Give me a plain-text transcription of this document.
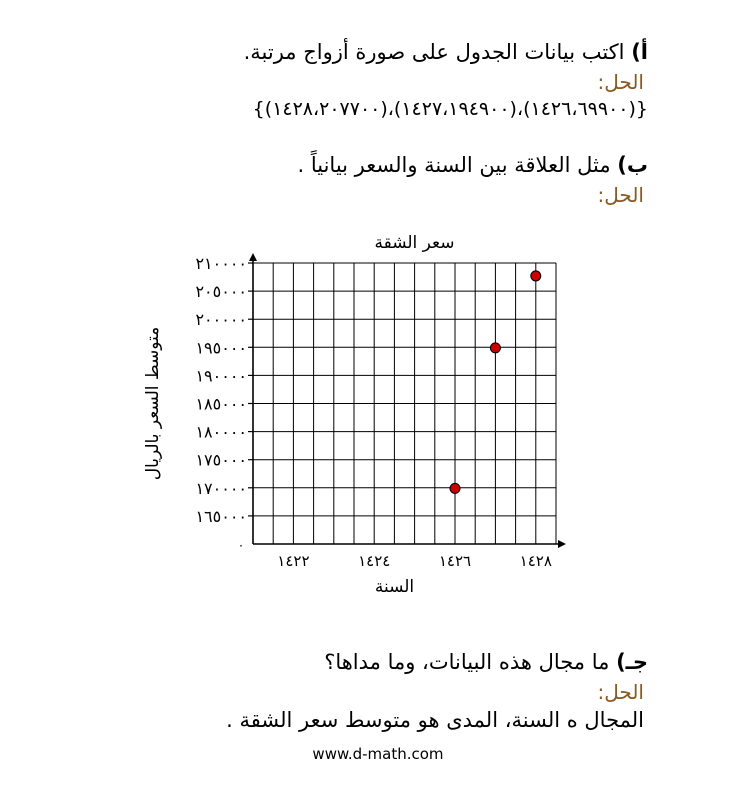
أ) اكتب بيانات الجدول على صورة أزواج مرتبة.
الحل:
{(١٤٢٦،٦٩٩٠٠)،(١٤٢٧،١٩٤٩٠٠)،(١٤٢٨،٢٠٧٧٠٠)}
ب) مثل العلاقة بين السنة والسعر بيانياً .
الحل:
١٦٥٠٠٠
١٧٠٠٠٠
١٧٥٠٠٠
١٨٠٠٠٠
١٨٥٠٠٠
١٩٠٠٠٠
١٩٥٠٠٠
٢٠٠٠٠٠
٢٠٥٠٠٠
٢١٠٠٠٠
٠
١٤٢٢	١٤٢٤	١٤٢٦	١٤٢٨
سعر الشقة
السنة
متوسط السعر بالريال
جـ) ما مجال هذه البيانات، وما مداها؟
الحل:
المجال ه السنة، المدى هو متوسط سعر الشقة .
www.d-math.com
